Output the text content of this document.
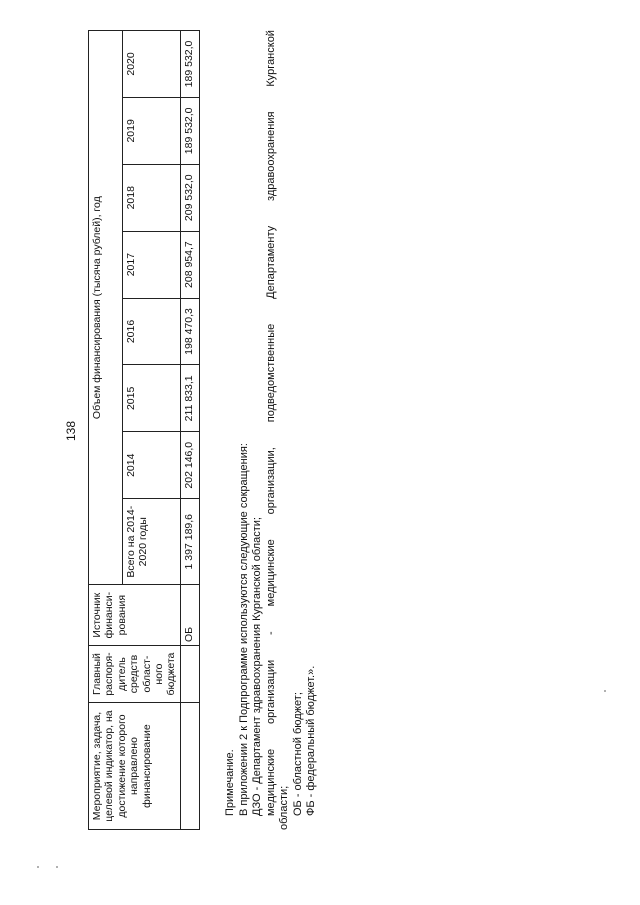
138
Мероприятие, задача, целевой индикатор, на достижение которого направлено финансирование	Главный распоря- дитель средств област- ного бюджета	Источник финанси- рования	Объем финансирования (тысяча рублей), год							
			Всего на 2014-2020 годы	2014	2015	2016	2017	2018	2019	2020
		ОБ	1 397 189,6	202 146,0	211 833,1	198 470,3	208 954,7	209 532,0	189 532,0	189 532,0

Примечание. В приложении 2 к Подпрограмме используются следующие сокращения: ДЗО - Департамент здравоохранения Курганской области; медицинские
организации
-
медицинские
организации,
подведомственные
Департаменту
здравоохранения
Курганской

области; ОБ - областной бюджет; ФБ - федеральный бюджет.».
